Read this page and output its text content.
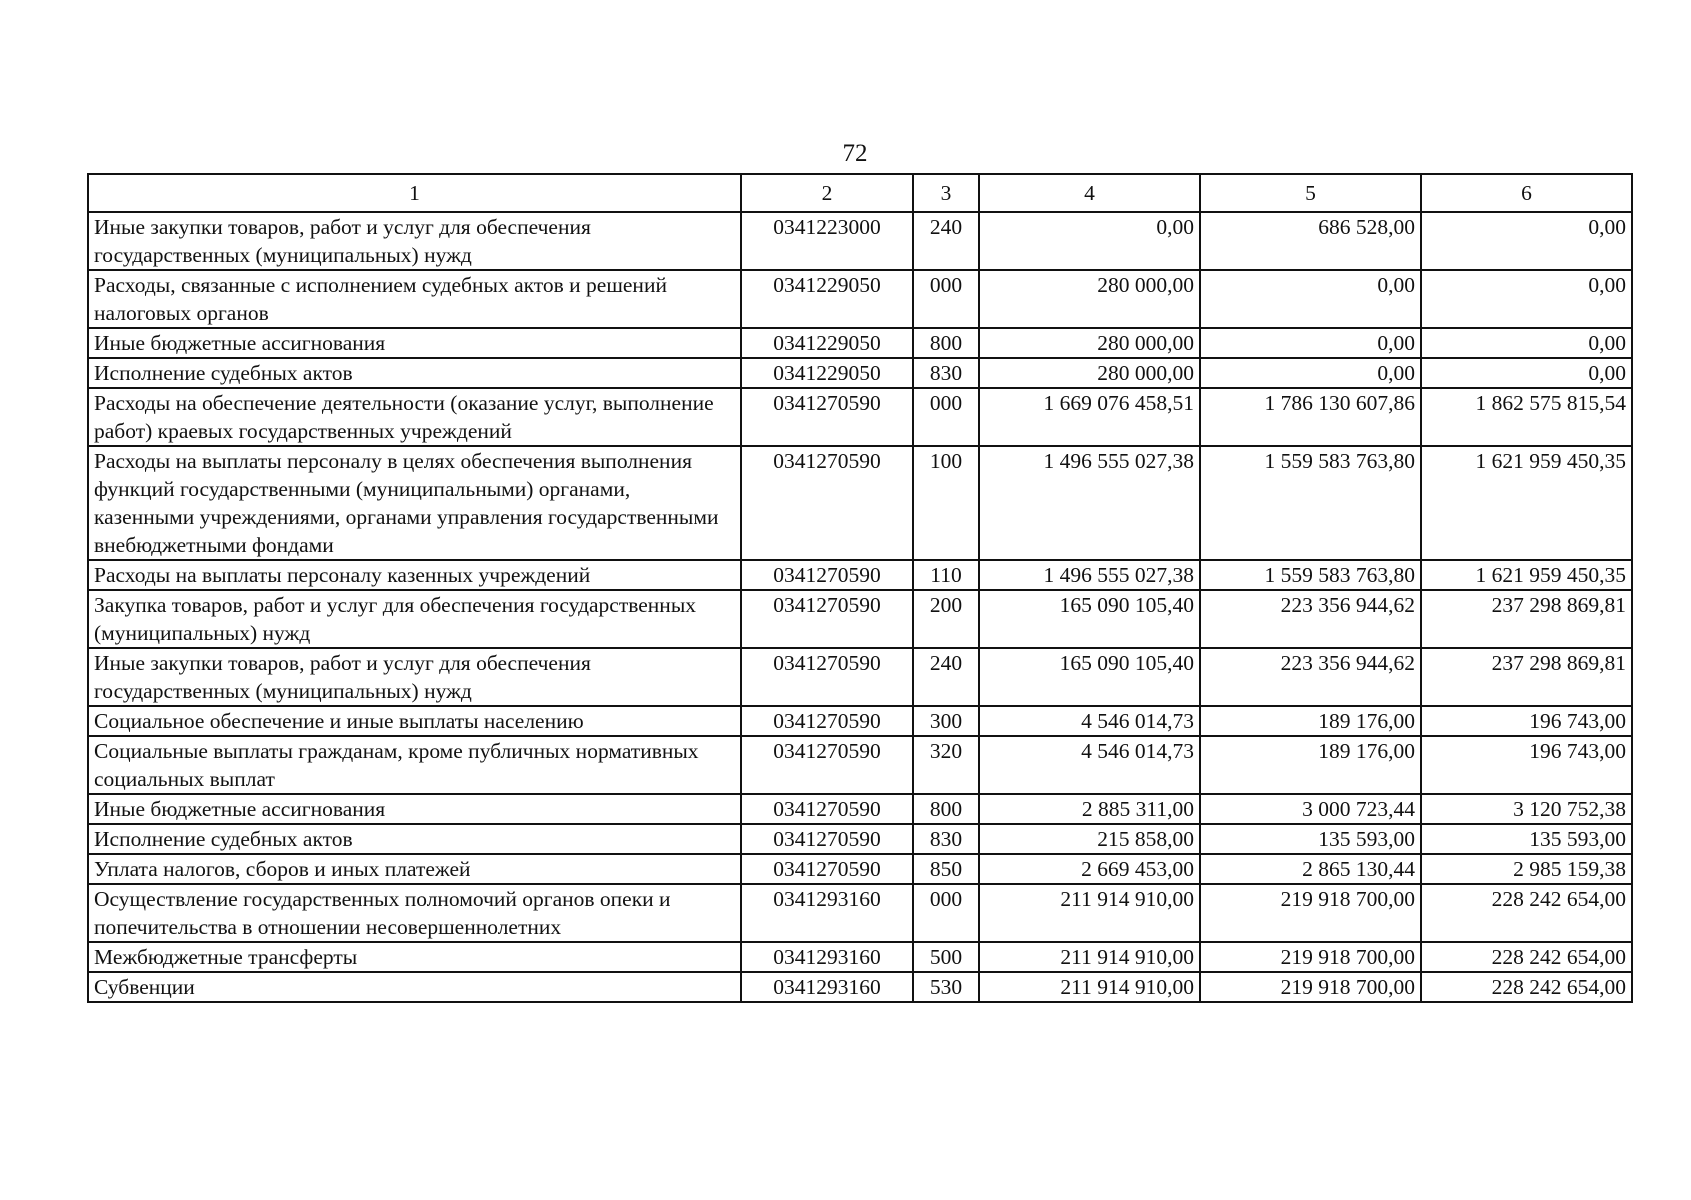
72
1	2	3	4	5	6
Иные закупки товаров, работ и услуг для обеспечения государственных (муниципальных) нужд	0341223000	240	0,00	686 528,00	0,00
Расходы, связанные с исполнением судебных актов и решений налоговых органов	0341229050	000	280 000,00	0,00	0,00
Иные бюджетные ассигнования	0341229050	800	280 000,00	0,00	0,00
Исполнение судебных актов	0341229050	830	280 000,00	0,00	0,00
Расходы на обеспечение деятельности (оказание услуг, выполнение работ) краевых государственных учреждений	0341270590	000	1 669 076 458,51	1 786 130 607,86	1 862 575 815,54
Расходы на выплаты персоналу в целях обеспечения выполнения функций государственными (муниципальными) органами, казенными учреждениями, органами управления государственными внебюджетными фондами	0341270590	100	1 496 555 027,38	1 559 583 763,80	1 621 959 450,35
Расходы на выплаты персоналу казенных учреждений	0341270590	110	1 496 555 027,38	1 559 583 763,80	1 621 959 450,35
Закупка товаров, работ и услуг для обеспечения государственных (муниципальных) нужд	0341270590	200	165 090 105,40	223 356 944,62	237 298 869,81
Иные закупки товаров, работ и услуг для обеспечения государственных (муниципальных) нужд	0341270590	240	165 090 105,40	223 356 944,62	237 298 869,81
Социальное обеспечение и иные выплаты населению	0341270590	300	4 546 014,73	189 176,00	196 743,00
Социальные выплаты гражданам, кроме публичных нормативных социальных выплат	0341270590	320	4 546 014,73	189 176,00	196 743,00
Иные бюджетные ассигнования	0341270590	800	2 885 311,00	3 000 723,44	3 120 752,38
Исполнение судебных актов	0341270590	830	215 858,00	135 593,00	135 593,00
Уплата налогов, сборов и иных платежей	0341270590	850	2 669 453,00	2 865 130,44	2 985 159,38
Осуществление государственных полномочий органов опеки и попечительства в отношении несовершеннолетних	0341293160	000	211 914 910,00	219 918 700,00	228 242 654,00
Межбюджетные трансферты	0341293160	500	211 914 910,00	219 918 700,00	228 242 654,00
Субвенции	0341293160	530	211 914 910,00	219 918 700,00	228 242 654,00
